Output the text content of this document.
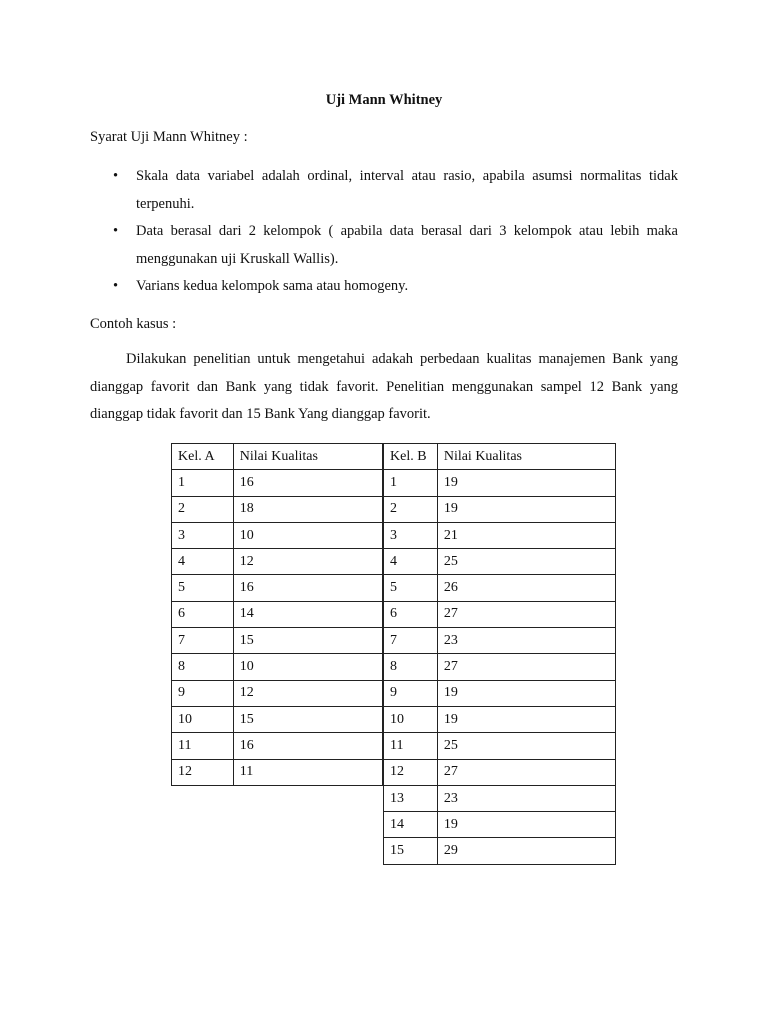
Uji Mann Whitney
Syarat Uji Mann Whitney :
• Skala data variabel adalah ordinal, interval atau rasio, apabila asumsi normalitas tidak terpenuhi.
• Data berasal dari 2 kelompok ( apabila data berasal dari 3 kelompok atau lebih maka menggunakan uji Kruskall Wallis).
• Varians kedua kelompok sama atau homogeny.
Contoh kasus :
Dilakukan penelitian untuk mengetahui adakah perbedaan kualitas manajemen Bank yang dianggap favorit dan Bank yang tidak favorit. Penelitian menggunakan sampel 12 Bank yang dianggap tidak favorit dan 15 Bank Yang dianggap favorit.
Kel. A	Nilai Kualitas
1	16
2	18
3	10
4	12
5	16
6	14
7	15
8	10
9	12
10	15
11	16
12	11
Kel. B	Nilai Kualitas
1	19
2	19
3	21
4	25
5	26
6	27
7	23
8	27
9	19
10	19
11	25
12	27
13	23
14	19
15	29
